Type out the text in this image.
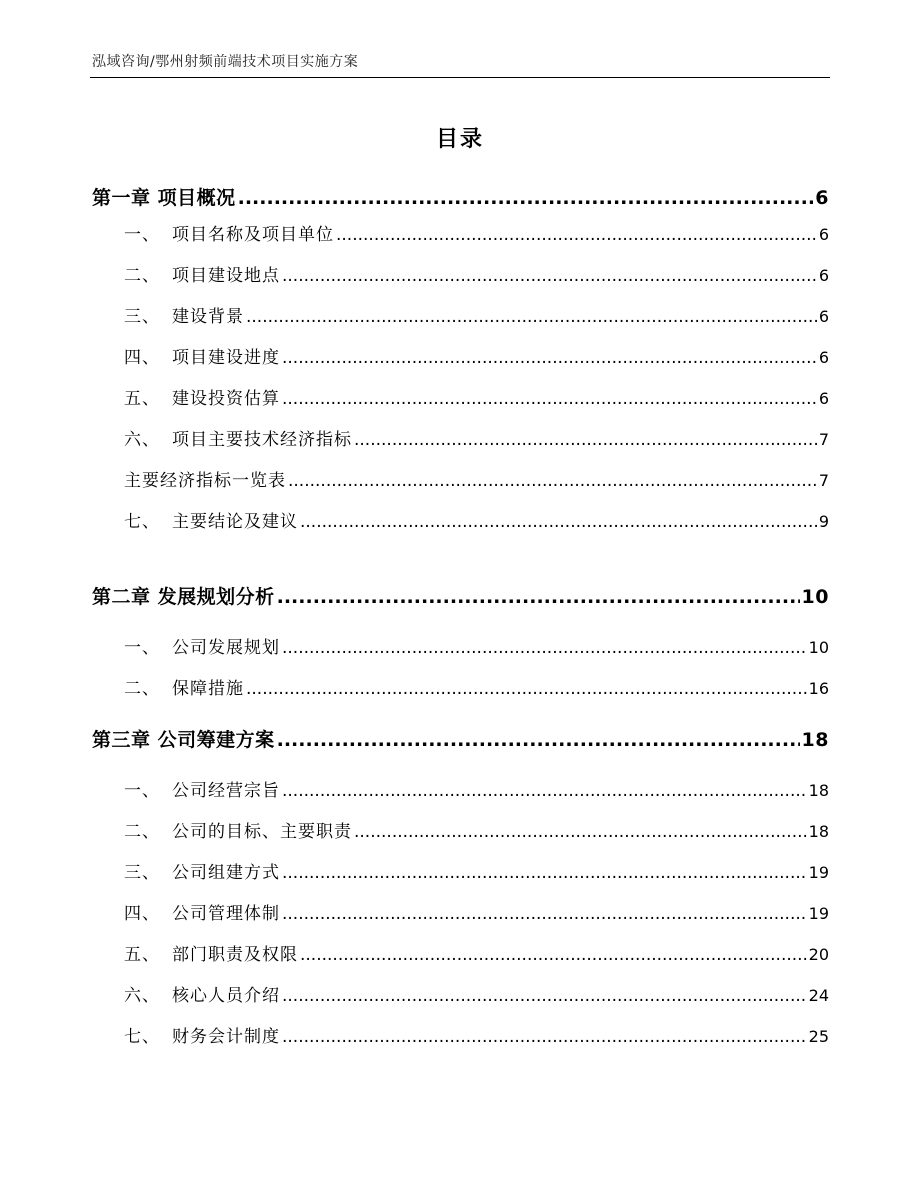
泓域咨询/鄂州射频前端技术项目实施方案
目录
第一章 项目概况 .....	6
一、 项目名称及项目单位 .....	6
二、 项目建设地点 .....	6
三、 建设背景 .....	6
四、 项目建设进度 .....	6
五、 建设投资估算 .....	6
六、 项目主要技术经济指标 .....	7
主要经济指标一览表 .....	7
七、 主要结论及建议 .....	9
第二章 发展规划分析 .....	10
一、 公司发展规划 .....	10
二、 保障措施 .....	16
第三章 公司筹建方案 .....	18
一、 公司经营宗旨 .....	18
二、 公司的目标、主要职责 .....	18
三、 公司组建方式 .....	19
四、 公司管理体制 .....	19
五、 部门职责及权限 .....	20
六、 核心人员介绍 .....	24
七、 财务会计制度 .....	25
